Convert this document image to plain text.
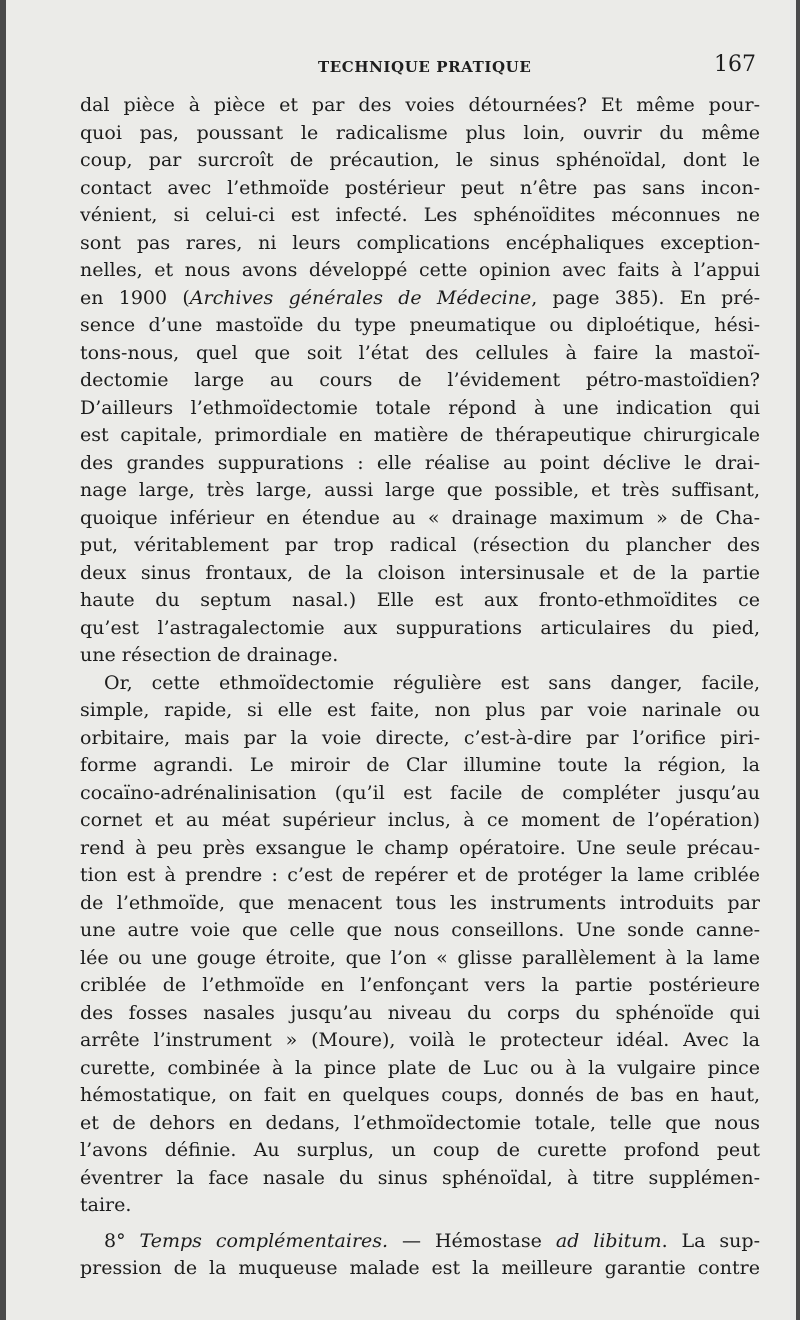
TECHNIQUE PRATIQUE	167
dal pièce à pièce et par des voies détournées? Et même pour-
quoi pas, poussant le radicalisme plus loin, ouvrir du même
coup, par surcroît de précaution, le sinus sphénoïdal, dont le
contact avec l’ethmoïde postérieur peut n’être pas sans incon-
vénient, si celui-ci est infecté. Les sphénoïdites méconnues ne
sont pas rares, ni leurs complications encéphaliques exception-
nelles, et nous avons développé cette opinion avec faits à l’appui
en 1900 (Archives générales de Médecine, page 385). En pré-
sence d’une mastoïde du type pneumatique ou diploétique, hési-
tons-nous, quel que soit l’état des cellules à faire la mastoï-
dectomie large au cours de l’évidement pétro-mastoïdien?
D’ailleurs l’ethmoïdectomie totale répond à une indication qui
est capitale, primordiale en matière de thérapeutique chirurgicale
des grandes suppurations : elle réalise au point déclive le drai-
nage large, très large, aussi large que possible, et très suffisant,
quoique inférieur en étendue au « drainage maximum » de Cha-
put, véritablement par trop radical (résection du plancher des
deux sinus frontaux, de la cloison intersinusale et de la partie
haute du septum nasal.) Elle est aux fronto-ethmoïdites ce
qu’est l’astragalectomie aux suppurations articulaires du pied,
une résection de drainage.
Or, cette ethmoïdectomie régulière est sans danger, facile,
simple, rapide, si elle est faite, non plus par voie narinale ou
orbitaire, mais par la voie directe, c’est-à-dire par l’orifice piri-
forme agrandi. Le miroir de Clar illumine toute la région, la
cocaïno-adrénalinisation (qu’il est facile de compléter jusqu’au
cornet et au méat supérieur inclus, à ce moment de l’opération)
rend à peu près exsangue le champ opératoire. Une seule précau-
tion est à prendre : c’est de repérer et de protéger la lame criblée
de l’ethmoïde, que menacent tous les instruments introduits par
une autre voie que celle que nous conseillons. Une sonde canne-
lée ou une gouge étroite, que l’on « glisse parallèlement à la lame
criblée de l’ethmoïde en l’enfonçant vers la partie postérieure
des fosses nasales jusqu’au niveau du corps du sphénoïde qui
arrête l’instrument » (Moure), voilà le protecteur idéal. Avec la
curette, combinée à la pince plate de Luc ou à la vulgaire pince
hémostatique, on fait en quelques coups, donnés de bas en haut,
et de dehors en dedans, l’ethmoïdectomie totale, telle que nous
l’avons définie. Au surplus, un coup de curette profond peut
éventrer la face nasale du sinus sphénoïdal, à titre supplémen-
taire.
8° Temps complémentaires. — Hémostase ad libitum. La sup-
pression de la muqueuse malade est la meilleure garantie contre
